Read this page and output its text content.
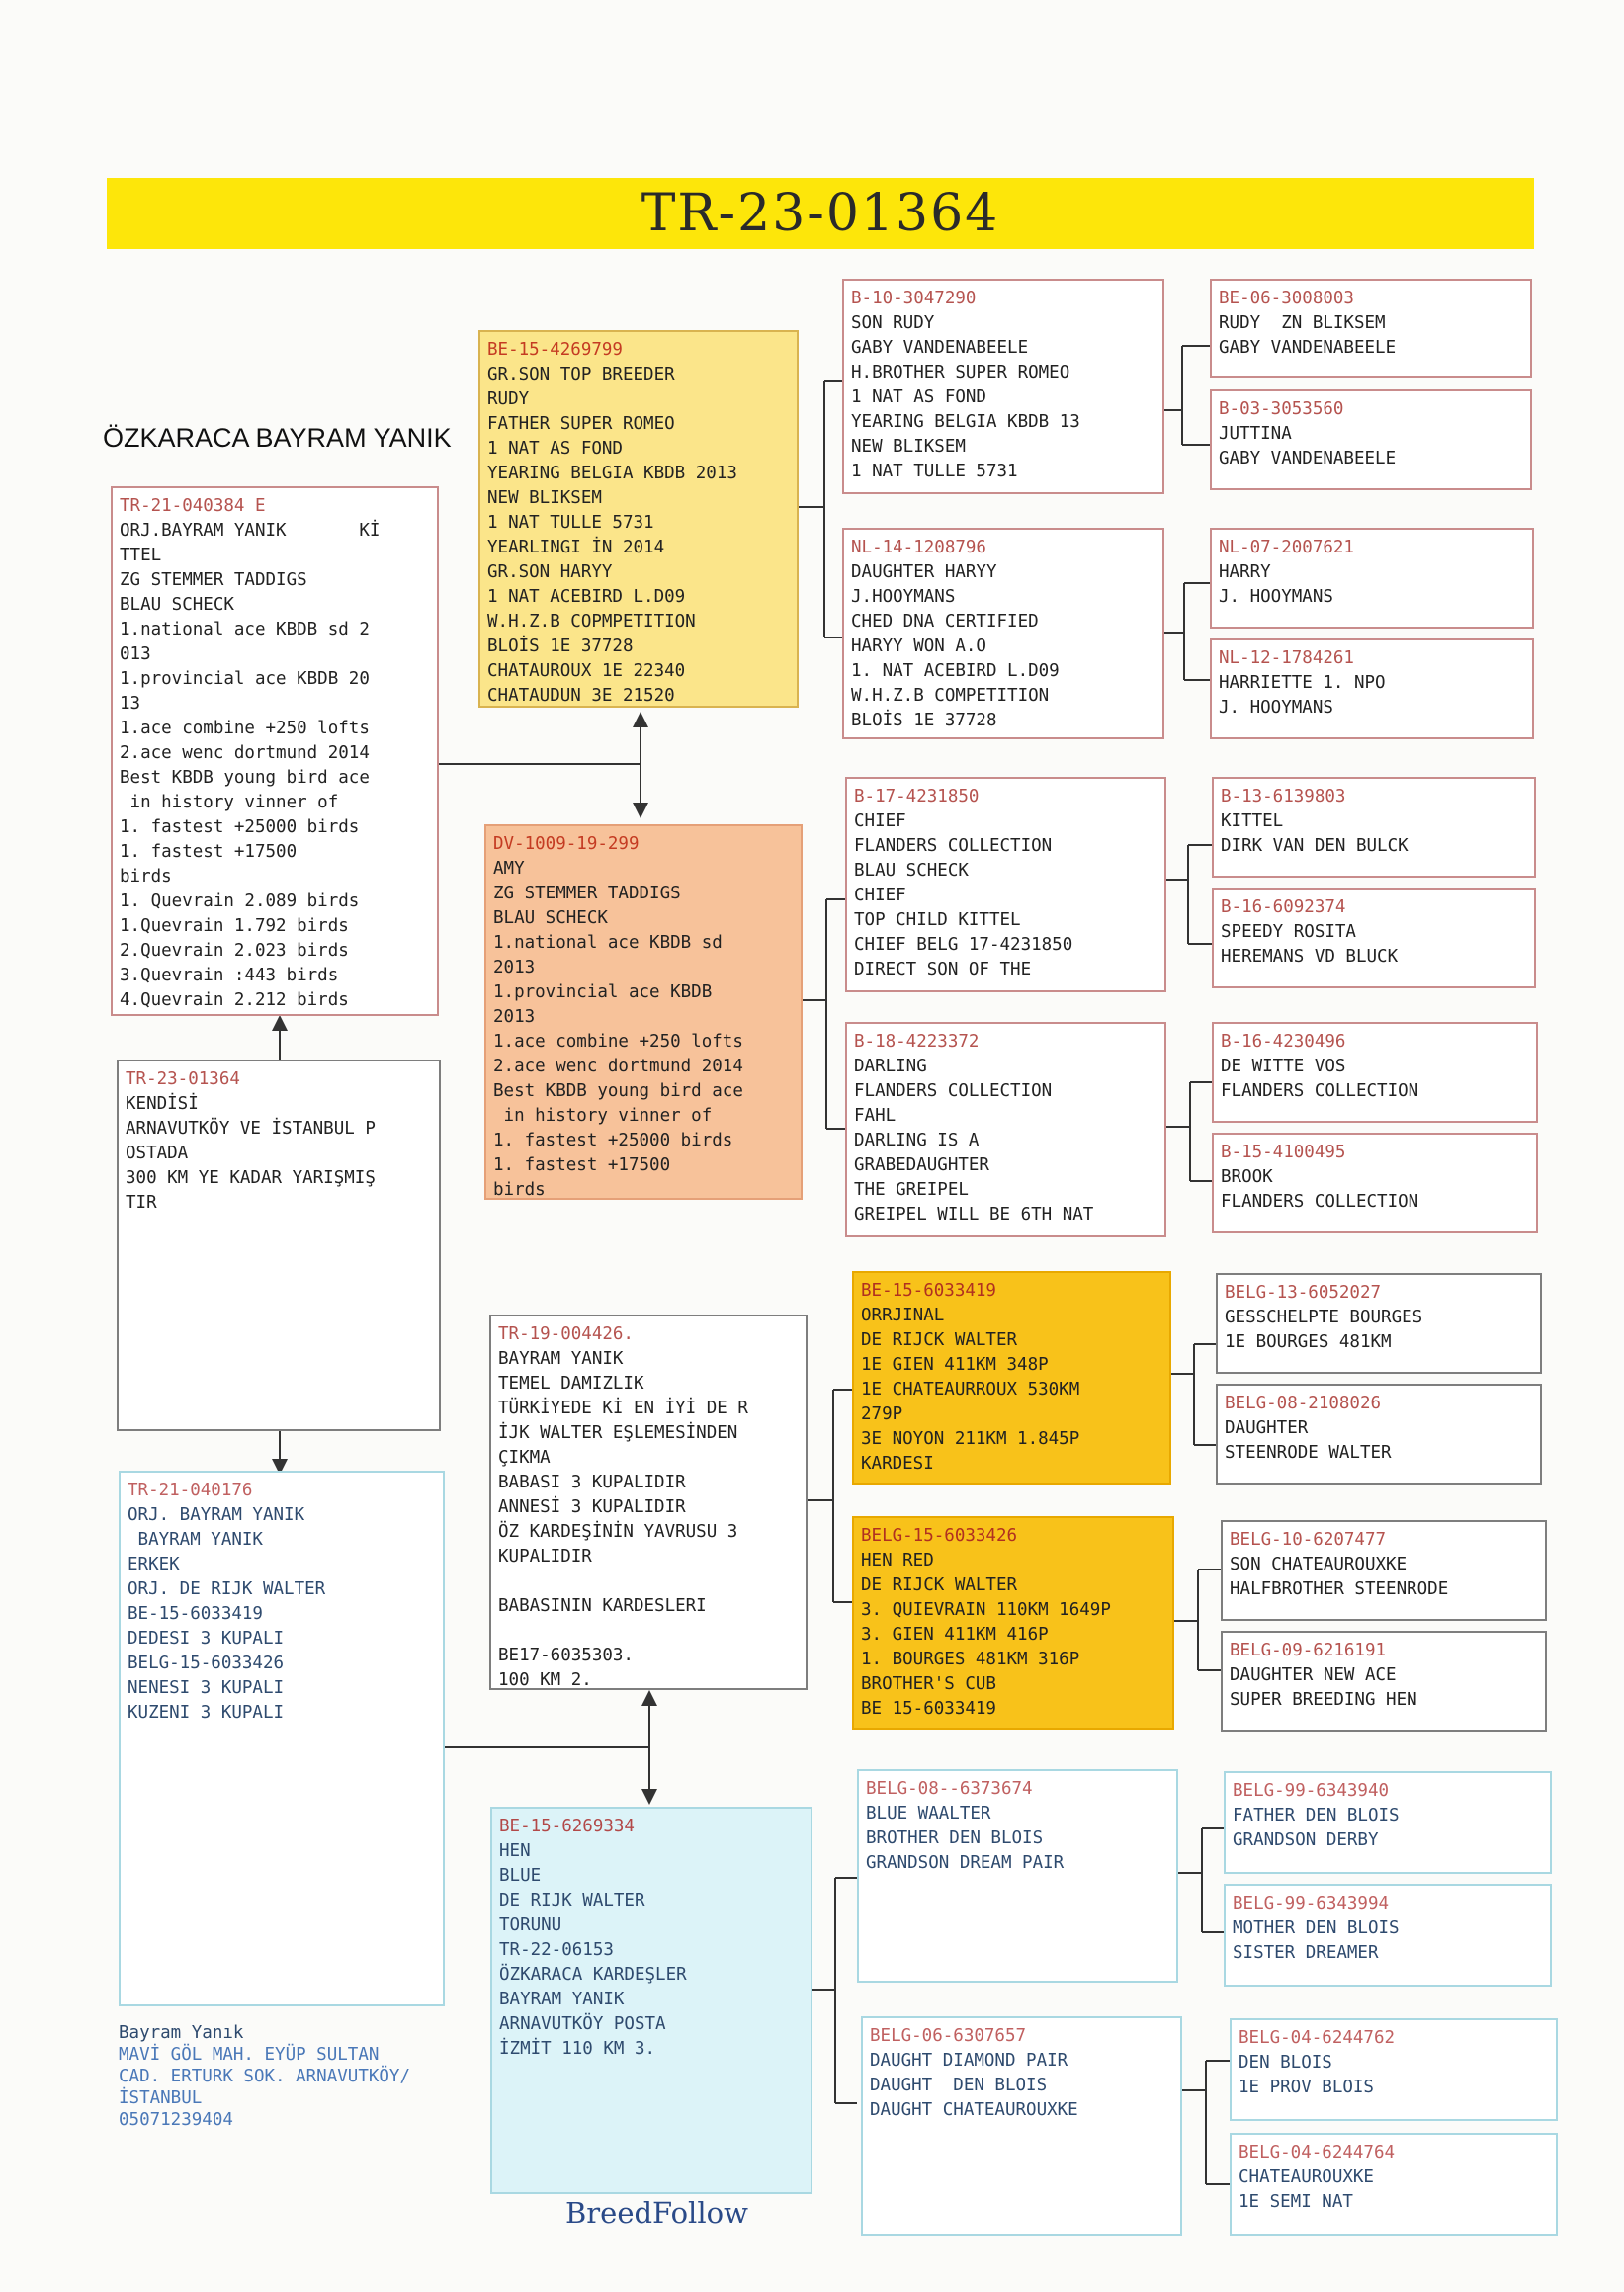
TR-23-01364
ÖZKARACA BAYRAM YANIK
TR-21-040384 E
ORJ.BAYRAM YANIK       Kİ
TTEL
ZG STEMMER TADDIGS
BLAU SCHECK
1.national ace KBDB sd 2
013
1.provincial ace KBDB 20
13
1.ace combine +250 lofts
2.ace wenc dortmund 2014
Best KBDB young bird ace
in history vinner of
1. fastest +25000 birds
1. fastest +17500
birds
1. Quevrain 2.089 birds
1.Quevrain 1.792 birds
2.Quevrain 2.023 birds
3.Quevrain :443 birds
4.Quevrain 2.212 birds
TR-23-01364
KENDİSİ
ARNAVUTKÖY VE İSTANBUL P
OSTADA
300 KM YE KADAR YARIŞMIŞ
TIR
TR-21-040176
ORJ. BAYRAM YANIK
BAYRAM YANIK
ERKEK
ORJ. DE RIJK WALTER
BE-15-6033419
DEDESI 3 KUPALI
BELG-15-6033426
NENESI 3 KUPALI
KUZENI 3 KUPALI
BE-15-4269799
GR.SON TOP BREEDER
RUDY
FATHER SUPER ROMEO
1 NAT AS FOND
YEARING BELGIA KBDB 2013
NEW BLIKSEM
1 NAT TULLE 5731
YEARLINGI İN 2014
GR.SON HARYY
1 NAT ACEBIRD L.D09
W.H.Z.B COPMPETITION
BLOİS 1E 37728
CHATAUROUX 1E 22340
CHATAUDUN 3E 21520
DV-1009-19-299
AMY
ZG STEMMER TADDIGS
BLAU SCHECK
1.national ace KBDB sd
2013
1.provincial ace KBDB
2013
1.ace combine +250 lofts
2.ace wenc dortmund 2014
Best KBDB young bird ace
in history vinner of
1. fastest +25000 birds
1. fastest +17500
birds
TR-19-004426.
BAYRAM YANIK
TEMEL DAMIZLIK
TÜRKİYEDE Kİ EN İYİ DE R
İJK WALTER EŞLEMESİNDEN
ÇIKMA
BABASI 3 KUPALIDIR
ANNESİ 3 KUPALIDIR
ÖZ KARDEŞİNİN YAVRUSU 3
KUPALIDIR

BABASININ KARDESLERI

BE17-6035303.
100 KM 2.
BE-15-6269334
HEN
BLUE
DE RIJK WALTER
TORUNU
TR-22-06153
ÖZKARACA KARDEŞLER
BAYRAM YANIK
ARNAVUTKÖY POSTA
İZMİT 110 KM 3.
B-10-3047290
SON RUDY
GABY VANDENABEELE
H.BROTHER SUPER ROMEO
1 NAT AS FOND
YEARING BELGIA KBDB 13
NEW BLIKSEM
1 NAT TULLE 5731
NL-14-1208796
DAUGHTER HARYY
J.HOOYMANS
CHED DNA CERTIFIED
HARYY WON A.O
1. NAT ACEBIRD L.D09
W.H.Z.B COMPETITION
BLOİS 1E 37728
B-17-4231850
CHIEF
FLANDERS COLLECTION
BLAU SCHECK
CHIEF
TOP CHILD KITTEL
CHIEF BELG 17-4231850
DIRECT SON OF THE
B-18-4223372
DARLING
FLANDERS COLLECTION
FAHL
DARLING IS A
GRABEDAUGHTER
THE GREIPEL
GREIPEL WILL BE 6TH NAT
BE-15-6033419
ORRJINAL
DE RIJCK WALTER
1E GIEN 411KM 348P
1E CHATEAURROUX 530KM
279P
3E NOYON 211KM 1.845P
KARDESI
BELG-15-6033426
HEN RED
DE RIJCK WALTER
3. QUIEVRAIN 110KM 1649P
3. GIEN 411KM 416P
1. BOURGES 481KM 316P
BROTHER'S CUB
BE 15-6033419
BELG-08--6373674
BLUE WAALTER
BROTHER DEN BLOIS
GRANDSON DREAM PAIR
BELG-06-6307657
DAUGHT DIAMOND PAIR
DAUGHT  DEN BLOIS
DAUGHT CHATEAUROUXKE
BE-06-3008003
RUDY  ZN BLIKSEM
GABY VANDENABEELE
B-03-3053560
JUTTINA
GABY VANDENABEELE
NL-07-2007621
HARRY
J. HOOYMANS
NL-12-1784261
HARRIETTE 1. NPO
J. HOOYMANS
B-13-6139803
KITTEL
DIRK VAN DEN BULCK
B-16-6092374
SPEEDY ROSITA
HEREMANS VD BLUCK
B-16-4230496
DE WITTE VOS
FLANDERS COLLECTION
B-15-4100495
BROOK
FLANDERS COLLECTION
BELG-13-6052027
GESSCHELPTE BOURGES
1E BOURGES 481KM
BELG-08-2108026
DAUGHTER
STEENRODE WALTER
BELG-10-6207477
SON CHATEAUROUXKE
HALFBROTHER STEENRODE
BELG-09-6216191
DAUGHTER NEW ACE
SUPER BREEDING HEN
BELG-99-6343940
FATHER DEN BLOIS
GRANDSON DERBY
BELG-99-6343994
MOTHER DEN BLOIS
SISTER DREAMER
BELG-04-6244762
DEN BLOIS
1E PROV BLOIS
BELG-04-6244764
CHATEAUROUXKE
1E SEMI NAT
Bayram Yanık
MAVİ GÖL MAH. EYÜP SULTAN
CAD. ERTURK SOK. ARNAVUTKÖY/
İSTANBUL
05071239404
BreedFollow
